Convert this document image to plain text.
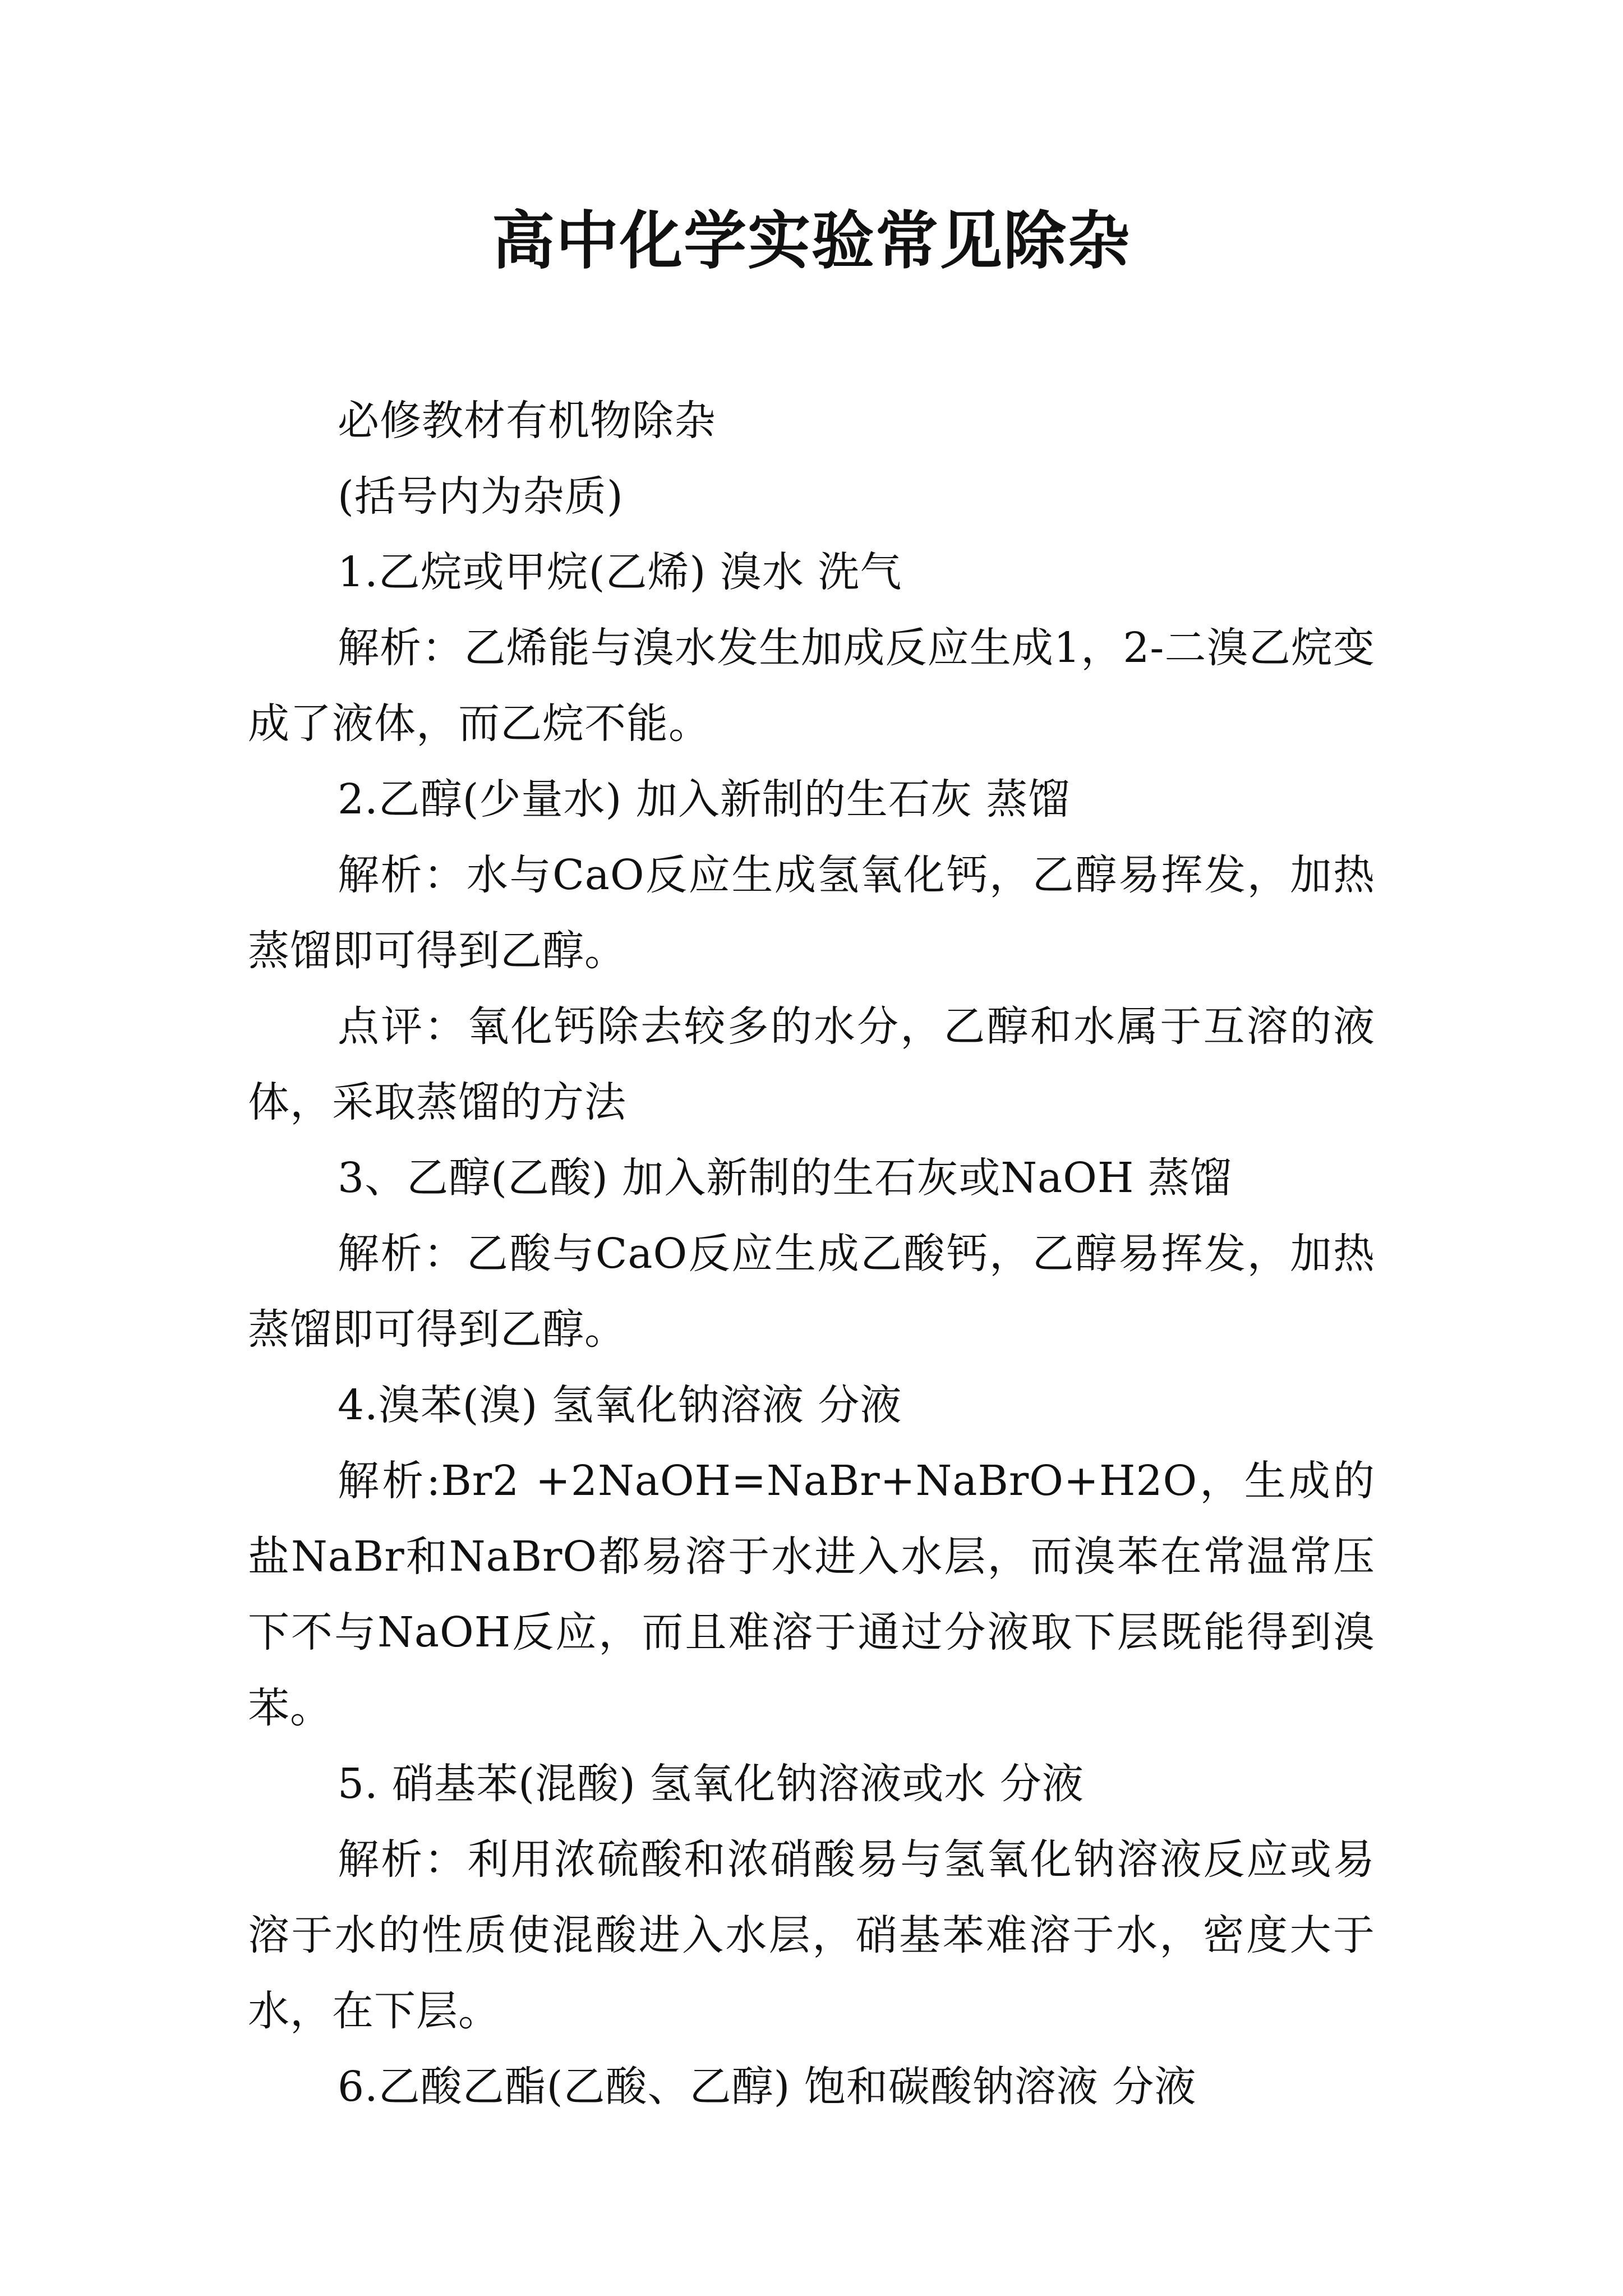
高中化学实验常见除杂

必修教材有机物除杂

(括号内为杂质)

1.乙烷或甲烷(乙烯) 溴水 洗气

解析：乙烯能与溴水发生加成反应生成1，2-二溴乙烷变成了液体，而乙烷不能。

2.乙醇(少量水) 加入新制的生石灰 蒸馏

解析：水与CaO反应生成氢氧化钙，乙醇易挥发，加热蒸馏即可得到乙醇。

点评：氧化钙除去较多的水分，乙醇和水属于互溶的液体，采取蒸馏的方法

3、乙醇(乙酸) 加入新制的生石灰或NaOH 蒸馏

解析：乙酸与CaO反应生成乙酸钙，乙醇易挥发，加热蒸馏即可得到乙醇。

4.溴苯(溴) 氢氧化钠溶液 分液

解析:Br2 +2NaOH=NaBr+NaBrO+H2O，生成的盐NaBr和NaBrO都易溶于水进入水层，而溴苯在常温常压下不与NaOH反应，而且难溶于通过分液取下层既能得到溴苯。

5. 硝基苯(混酸) 氢氧化钠溶液或水 分液

解析：利用浓硫酸和浓硝酸易与氢氧化钠溶液反应或易溶于水的性质使混酸进入水层，硝基苯难溶于水，密度大于水，在下层。

6.乙酸乙酯(乙酸、乙醇) 饱和碳酸钠溶液 分液
